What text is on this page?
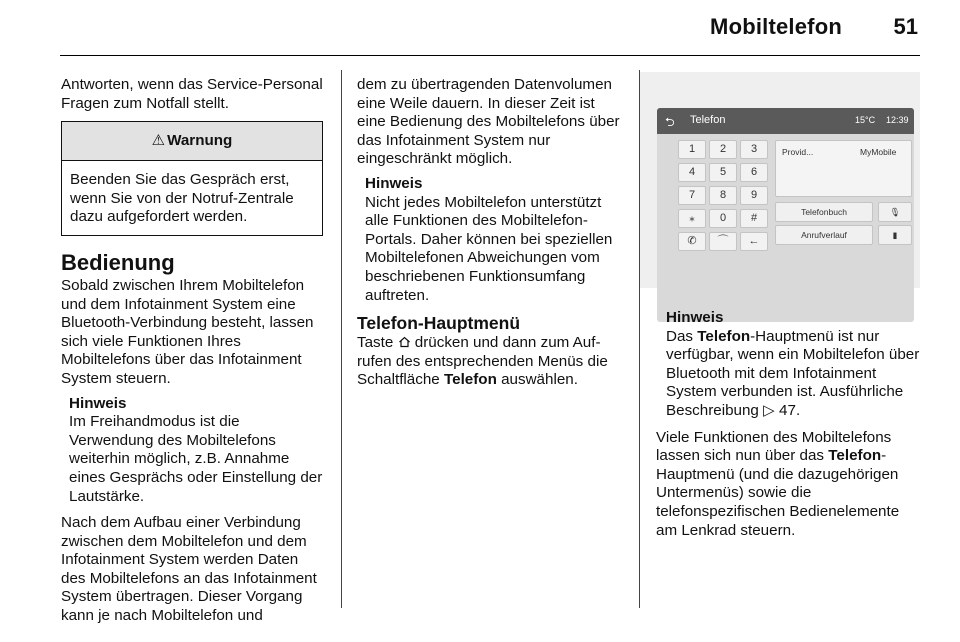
Mobiltelefon 51

Antworten, wenn das Service-Personal Fragen zum Notfall stellt.

⚠ Warnung
Beenden Sie das Gespräch erst, wenn Sie von der Notruf-Zentrale dazu aufgefordert werden.
Bedienung

Sobald zwischen Ihrem Mobiltelefon und dem Infotainment System eine Bluetooth-Verbindung besteht, lassen sich viele Funktionen Ihres Mobiltelefons über das Infotainment System steuern.

Hinweis
Im Freihandmodus ist die Verwendung des Mobiltelefons weiterhin möglich, z.B. Annahme eines Gesprächs oder Einstellung der Lautstärke.

Nach dem Aufbau einer Verbindung zwischen dem Mobiltelefon und dem Infotainment System werden Daten des Mobiltelefons an das Infotainment System übertragen. Dieser Vorgang kann je nach Mobiltelefon und

dem zu übertragenden Datenvolumen eine Weile dauern. In dieser Zeit ist eine Bedienung des Mobiltelefons über das Infotainment System nur eingeschränkt möglich.

Hinweis
Nicht jedes Mobiltelefon unterstützt alle Funktionen des Mobiltelefon-Portals. Daher können bei speziellen Mobiltelefonen Abweichungen vom beschriebenen Funktionsumfang auftreten.
Telefon-Hauptmenü

Taste drücken und dann zum Aufrufen des entsprechenden Menüs die Schaltfläche Telefon auswählen.

⮌ Telefon	15°C 12:39
1	2	3
4	5	6
7	8	9
⁎	0	#
✆	⌒	←
Provid...	MyMobile
Telefonbuch	🎙
Anrufverlauf	▮
Hinweis
Das Telefon-Hauptmenü ist nur verfügbar, wenn ein Mobiltelefon über Bluetooth mit dem Infotainment System verbunden ist. Ausführliche Beschreibung ▷ 47.

Viele Funktionen des Mobiltelefons lassen sich nun über das Telefon-Hauptmenü (und die dazugehörigen Untermenüs) sowie die telefonspezifischen Bedienelemente am Lenkrad steuern.
